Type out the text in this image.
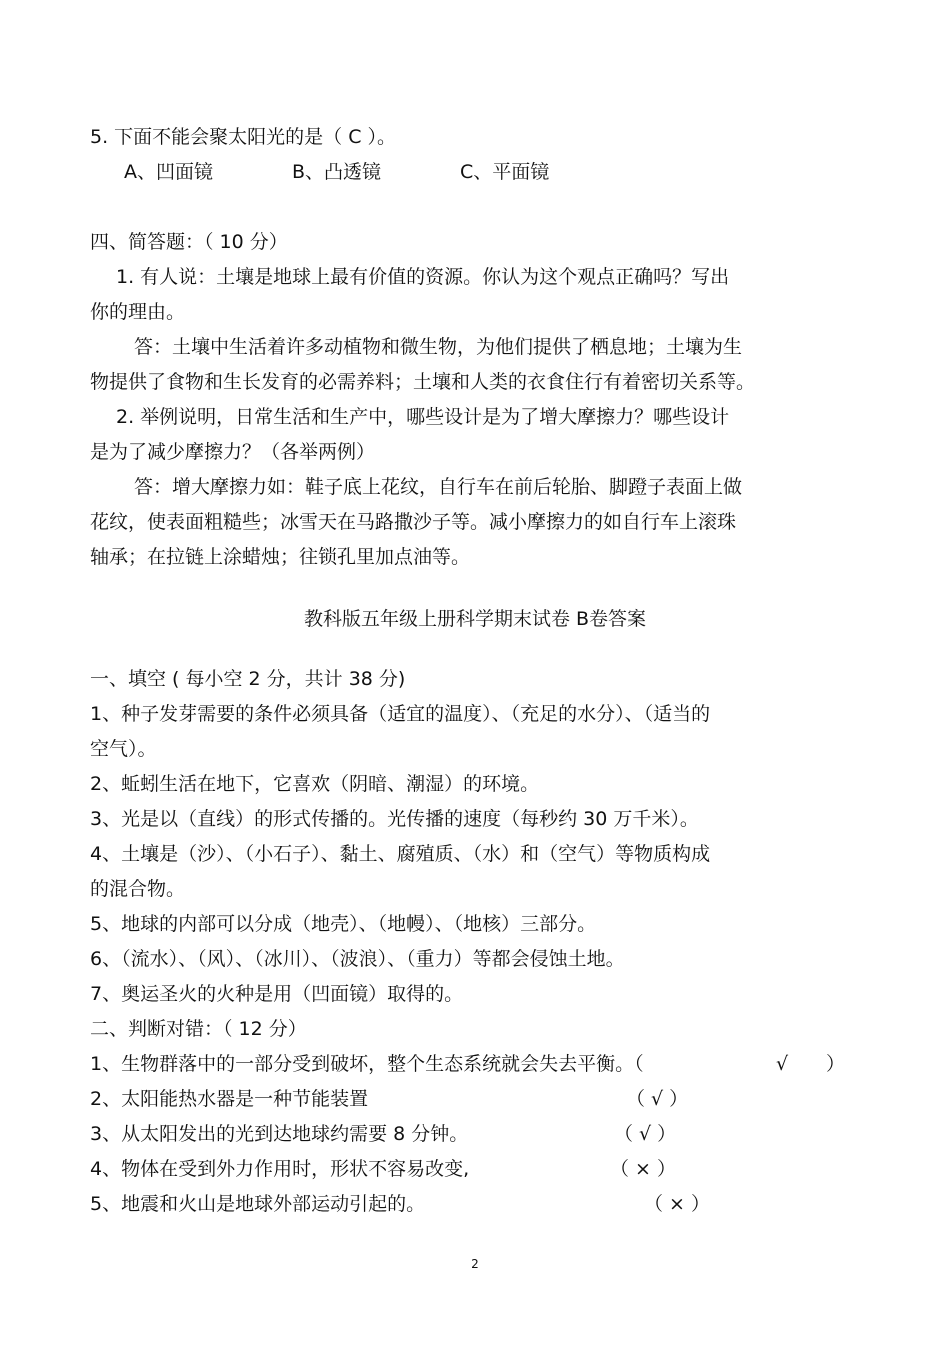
5. 下面不能会聚太阳光的是（ C ）。
A、凹面镜	B、凸透镜	C、平面镜
四、简答题：（ 10 分）
1. 有人说：土壤是地球上最有价值的资源。你认为这个观点正确吗？写出
你的理由。
答：土壤中生活着许多动植物和微生物，为他们提供了栖息地；土壤为生
物提供了食物和生长发育的必需养料；土壤和人类的衣食住行有着密切关系等。
2. 举例说明，日常生活和生产中，哪些设计是为了增大摩擦力？哪些设计
是为了减少摩擦力？（各举两例）
答：增大摩擦力如：鞋子底上花纹，自行车在前后轮胎、脚蹬子表面上做
花纹，使表面粗糙些；冰雪天在马路撒沙子等。减小摩擦力的如自行车上滚珠
轴承；在拉链上涂蜡烛；往锁孔里加点油等。
教科版五年级上册科学期末试卷 B卷答案
一、填空 ( 每小空 2 分，共计 38 分)
1、种子发芽需要的条件必须具备（适宜的温度）、（充足的水分）、（适当的
空气）。
2、蚯蚓生活在地下，它喜欢（阴暗、潮湿）的环境。
3、光是以（直线）的形式传播的。光传播的速度（每秒约 30 万千米）。
4、土壤是（沙）、（小石子）、黏土、腐殖质、（水）和（空气）等物质构成
的混合物。
5、地球的内部可以分成（地壳）、（地幔）、（地核）三部分。
6、（流水）、（风）、（冰川）、（波浪）、（重力）等都会侵蚀土地。
7、奥运圣火的火种是用（凹面镜）取得的。
二、判断对错：（ 12 分）
1、生物群落中的一部分受到破坏，整个生态系统就会失去平衡。（	√ ）
2、太阳能热水器是一种节能装置	（ √ ）
3、从太阳发出的光到达地球约需要 8 分钟。	（ √ ）
4、物体在受到外力作用时，形状不容易改变,	（ × ）
5、地震和火山是地球外部运动引起的。	（ × ）
2
